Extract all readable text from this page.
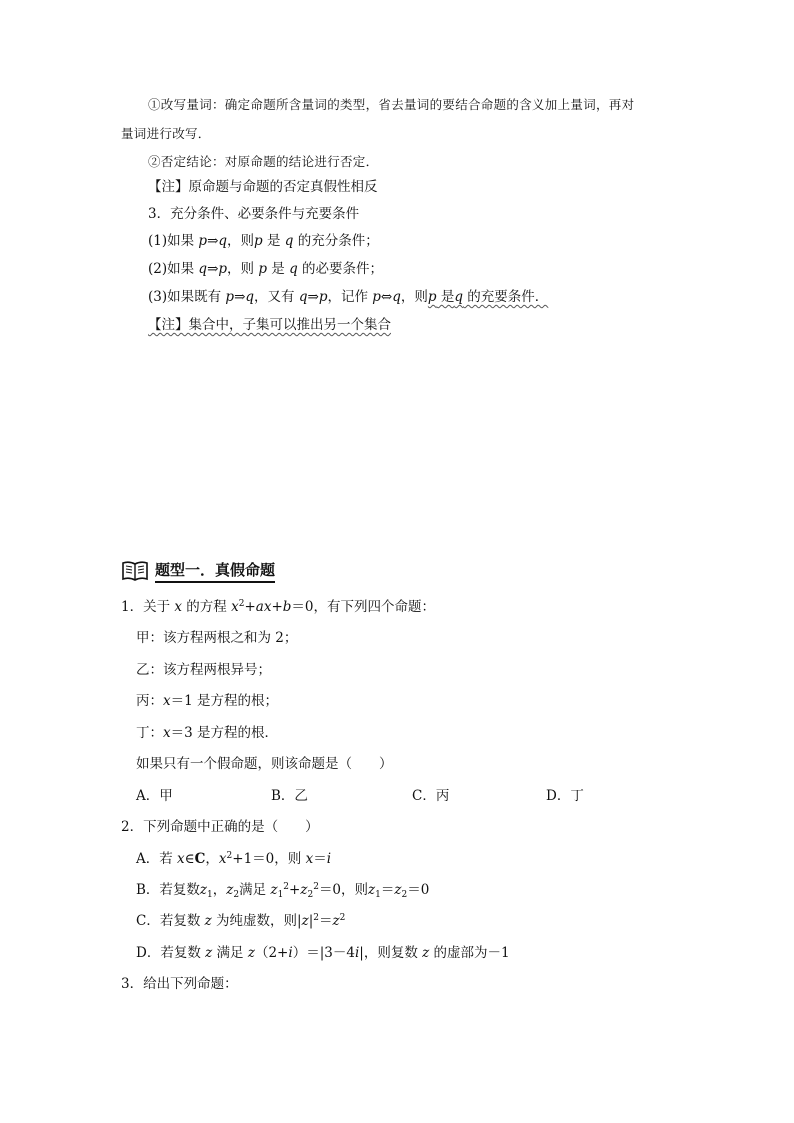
①改写量词：确定命题所含量词的类型，省去量词的要结合命题的含义加上量词，再对
量词进行改写．
②否定结论：对原命题的结论进行否定．
【注】原命题与命题的否定真假性相反
3．充分条件、必要条件与充要条件
(1)如果 p⇒q，则p 是 q 的充分条件；
(2)如果 q⇒p，则 p 是 q 的必要条件；
(3)如果既有 p⇒q，又有 q⇒p，记作 p⇔q，则p 是q 的充要条件．
【注】集合中，子集可以推出另一个集合
题型一．真假命题
1．关于 x 的方程 $x^2+ax+b=0$，有下列四个命题：
甲：该方程两根之和为 2；
乙：该方程两根异号；
丙：x＝1 是方程的根；
丁：x＝3 是方程的根．
如果只有一个假命题，则该命题是（　　）
A．甲	B．乙	C．丙	D．丁
2．下列命题中正确的是（　　）
A．若 x∈C，$x^2+1=0$，则 x＝i
B．若复数$z_1$，$z_2$满足 $z_1^2+z_2^2=0$，则$z_1=z_2=0$
C．若复数 z 为纯虚数，则$|z|^2=z^2$
D．若复数 z 满足 z（2+i）＝|3－4i|，则复数 z 的虚部为－1
3．给出下列命题：
